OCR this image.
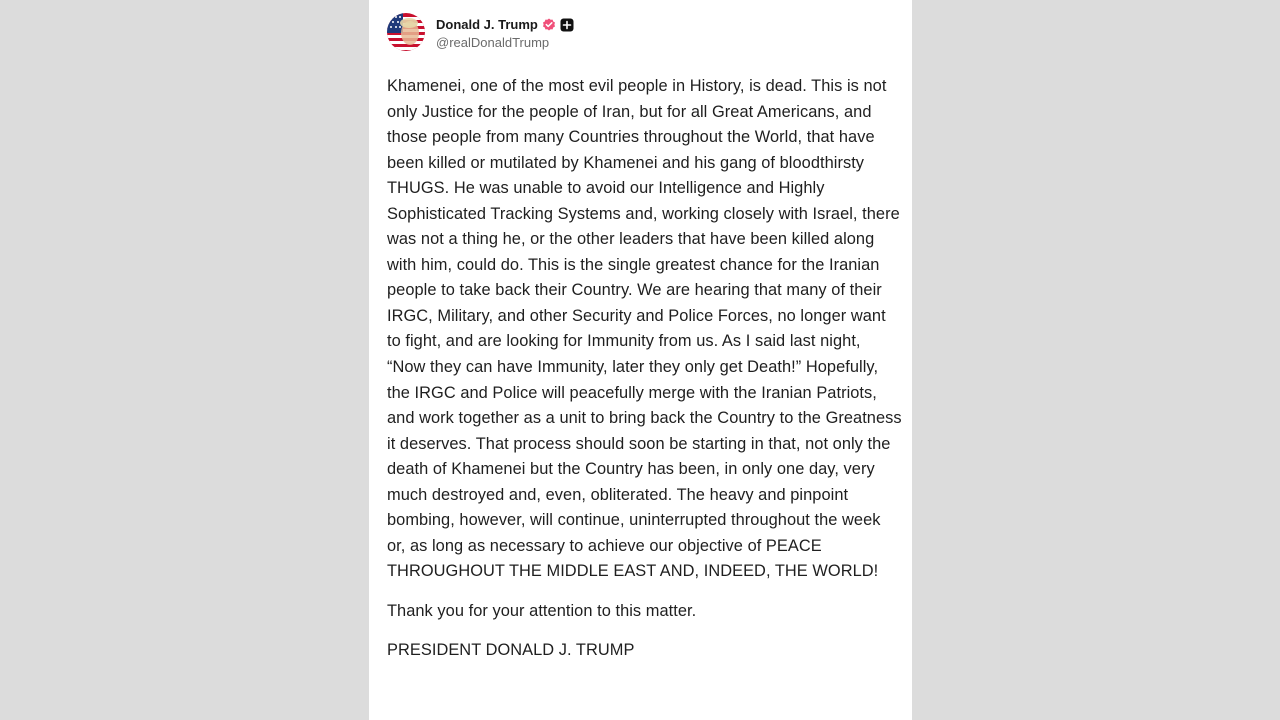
Donald J. Trump
@realDonaldTrump

Khamenei, one of the most evil people in History, is dead. This is not only Justice for the people of Iran, but for all Great Americans, and those people from many Countries throughout the World, that have been killed or mutilated by Khamenei and his gang of bloodthirsty THUGS. He was unable to avoid our Intelligence and Highly Sophisticated Tracking Systems and, working closely with Israel, there was not a thing he, or the other leaders that have been killed along with him, could do. This is the single greatest chance for the Iranian people to take back their Country. We are hearing that many of their IRGC, Military, and other Security and Police Forces, no longer want to fight, and are looking for Immunity from us. As I said last night, “Now they can have Immunity, later they only get Death!” Hopefully, the IRGC and Police will peacefully merge with the Iranian Patriots, and work together as a unit to bring back the Country to the Greatness it deserves. That process should soon be starting in that, not only the death of Khamenei but the Country has been, in only one day, very much destroyed and, even, obliterated. The heavy and pinpoint bombing, however, will continue, uninterrupted throughout the week or, as long as necessary to achieve our objective of PEACE THROUGHOUT THE MIDDLE EAST AND, INDEED, THE WORLD!

Thank you for your attention to this matter.

PRESIDENT DONALD J. TRUMP
